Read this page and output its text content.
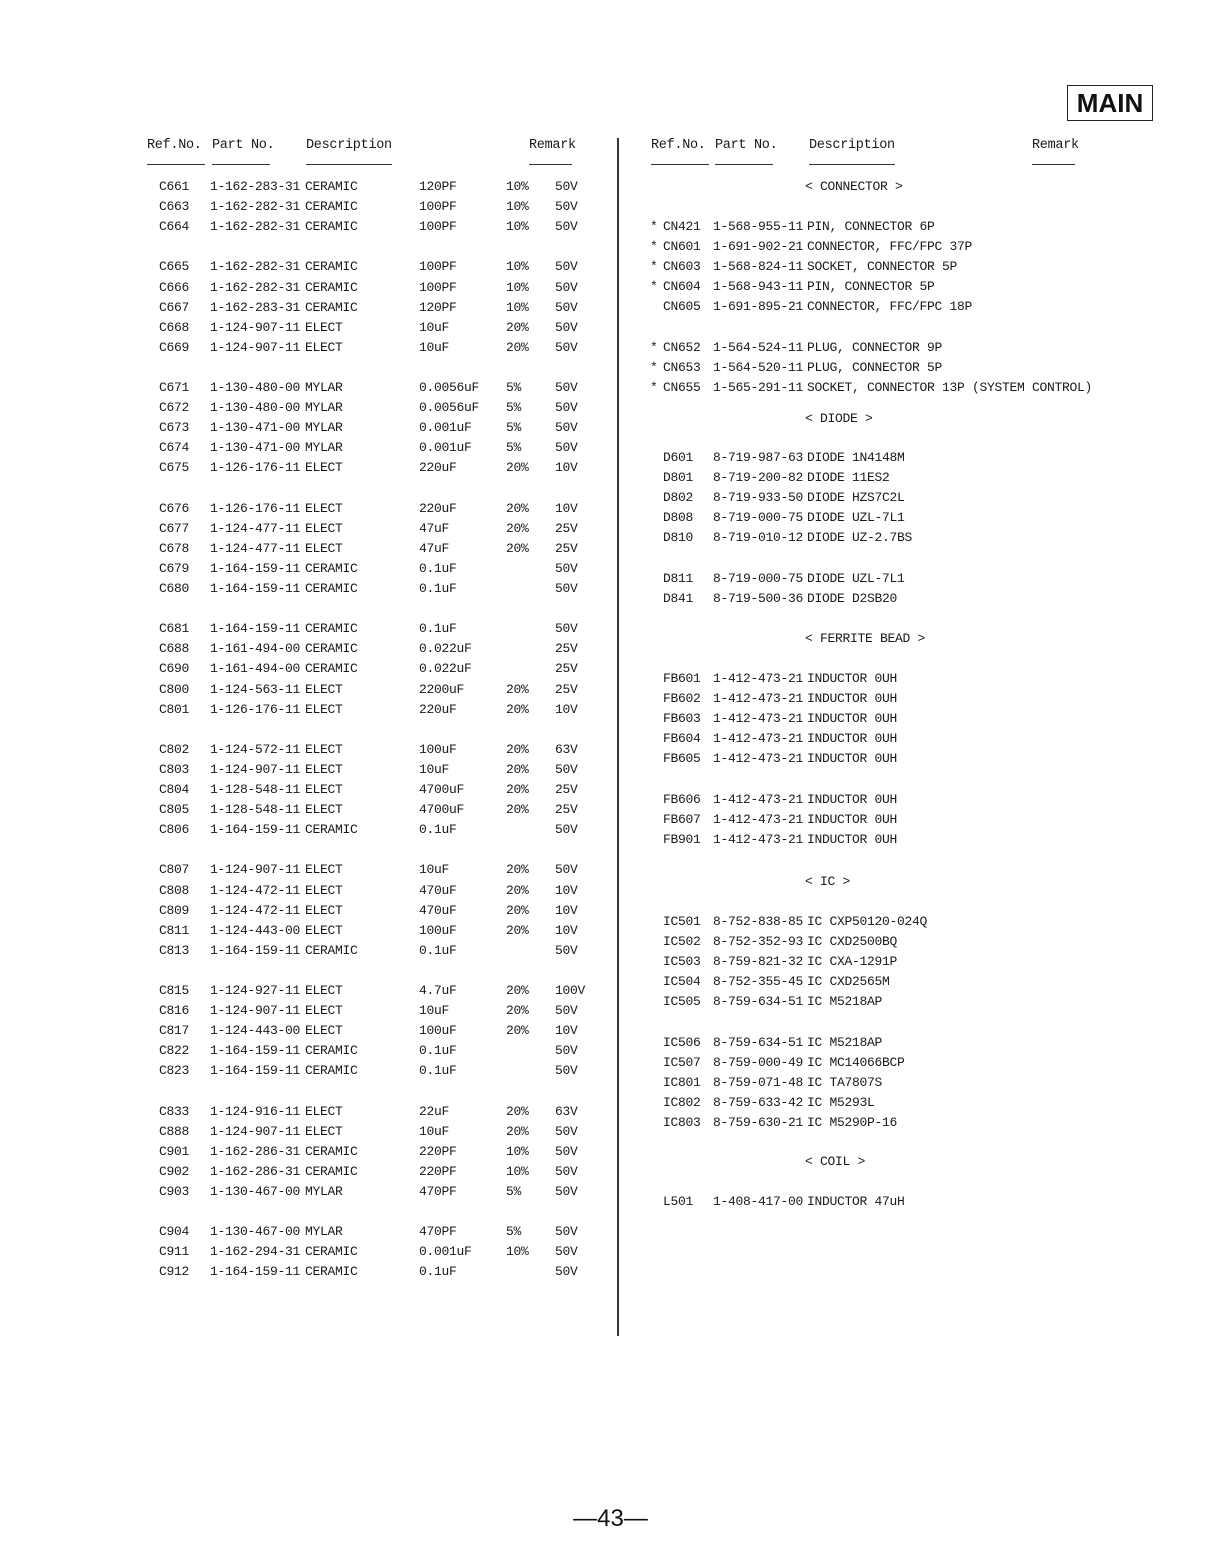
MAIN
Ref.No. Part No. Description	Remark	Ref.No. Part No. Description	Remark
C661 1-162-283-31 CERAMIC	120PF	10% 50V
C663 1-162-282-31 CERAMIC	100PF	10% 50V
C664 1-162-282-31 CERAMIC	100PF	10% 50V
C665 1-162-282-31 CERAMIC	100PF	10% 50V
C666 1-162-282-31 CERAMIC	100PF	10% 50V
C667 1-162-283-31 CERAMIC	120PF	10% 50V
C668 1-124-907-11 ELECT	10uF	20% 50V
C669 1-124-907-11 ELECT	10uF	20% 50V
C671 1-130-480-00 MYLAR	0.0056uF 5%	50V
C672 1-130-480-00 MYLAR	0.0056uF 5%	50V
C673 1-130-471-00 MYLAR	0.001uF	5%	50V
C674 1-130-471-00 MYLAR	0.001uF	5%	50V
C675 1-126-176-11 ELECT	220uF	20% 10V
C676 1-126-176-11 ELECT	220uF	20% 10V
C677 1-124-477-11 ELECT	47uF	20% 25V
C678 1-124-477-11 ELECT	47uF	20% 25V
C679 1-164-159-11 CERAMIC	0.1uF	50V
C680 1-164-159-11 CERAMIC	0.1uF	50V
C681 1-164-159-11 CERAMIC	0.1uF	50V
C688 1-161-494-00 CERAMIC	0.022uF	25V
C690 1-161-494-00 CERAMIC	0.022uF	25V
C800 1-124-563-11 ELECT	2200uF	20% 25V
C801 1-126-176-11 ELECT	220uF	20% 10V
C802 1-124-572-11 ELECT	100uF	20% 63V
C803 1-124-907-11 ELECT	10uF	20% 50V
C804 1-128-548-11 ELECT	4700uF	20% 25V
C805 1-128-548-11 ELECT	4700uF	20% 25V
C806 1-164-159-11 CERAMIC	0.1uF	50V
C807 1-124-907-11 ELECT	10uF	20% 50V
C808 1-124-472-11 ELECT	470uF	20% 10V
C809 1-124-472-11 ELECT	470uF	20% 10V
C811 1-124-443-00 ELECT	100uF	20% 10V
C813 1-164-159-11 CERAMIC	0.1uF	50V
C815 1-124-927-11 ELECT	4.7uF	20% 100V
C816 1-124-907-11 ELECT	10uF	20% 50V
C817 1-124-443-00 ELECT	100uF	20% 10V
C822 1-164-159-11 CERAMIC	0.1uF	50V
C823 1-164-159-11 CERAMIC	0.1uF	50V
C833 1-124-916-11 ELECT	22uF	20% 63V
C888 1-124-907-11 ELECT	10uF	20% 50V
C901 1-162-286-31 CERAMIC	220PF	10% 50V
C902 1-162-286-31 CERAMIC	220PF	10% 50V
C903 1-130-467-00 MYLAR	470PF	5%	50V
C904 1-130-467-00 MYLAR	470PF	5%	50V
C911 1-162-294-31 CERAMIC	0.001uF	10% 50V
C912 1-164-159-11 CERAMIC	0.1uF	50V
< CONNECTOR >
* CN421 1-568-955-11 PIN, CONNECTOR 6P
* CN601 1-691-902-21 CONNECTOR, FFC/FPC 37P
* CN603 1-568-824-11 SOCKET, CONNECTOR 5P
* CN604 1-568-943-11 PIN, CONNECTOR 5P
CN605 1-691-895-21 CONNECTOR, FFC/FPC 18P
* CN652 1-564-524-11 PLUG, CONNECTOR 9P
* CN653 1-564-520-11 PLUG, CONNECTOR 5P
* CN655 1-565-291-11 SOCKET, CONNECTOR 13P (SYSTEM CONTROL)
< DIODE >
D601 8-719-987-63 DIODE 1N4148M
D801 8-719-200-82 DIODE 11ES2
D802 8-719-933-50 DIODE HZS7C2L
D808 8-719-000-75 DIODE UZL-7L1
D810 8-719-010-12 DIODE UZ-2.7BS
D811 8-719-000-75 DIODE UZL-7L1
D841 8-719-500-36 DIODE D2SB20
< FERRITE BEAD >
FB601 1-412-473-21 INDUCTOR 0UH
FB602 1-412-473-21 INDUCTOR 0UH
FB603 1-412-473-21 INDUCTOR 0UH
FB604 1-412-473-21 INDUCTOR 0UH
FB605 1-412-473-21 INDUCTOR 0UH
FB606 1-412-473-21 INDUCTOR 0UH
FB607 1-412-473-21 INDUCTOR 0UH
FB901 1-412-473-21 INDUCTOR 0UH
< IC >
IC501 8-752-838-85 IC CXP50120-024Q
IC502 8-752-352-93 IC CXD2500BQ
IC503 8-759-821-32 IC CXA-1291P
IC504 8-752-355-45 IC CXD2565M
IC505 8-759-634-51 IC M5218AP
IC506 8-759-634-51 IC M5218AP
IC507 8-759-000-49 IC MC14066BCP
IC801 8-759-071-48 IC TA7807S
IC802 8-759-633-42 IC M5293L
IC803 8-759-630-21 IC M5290P-16
< COIL >
L501 1-408-417-00 INDUCTOR 47uH
—43—
